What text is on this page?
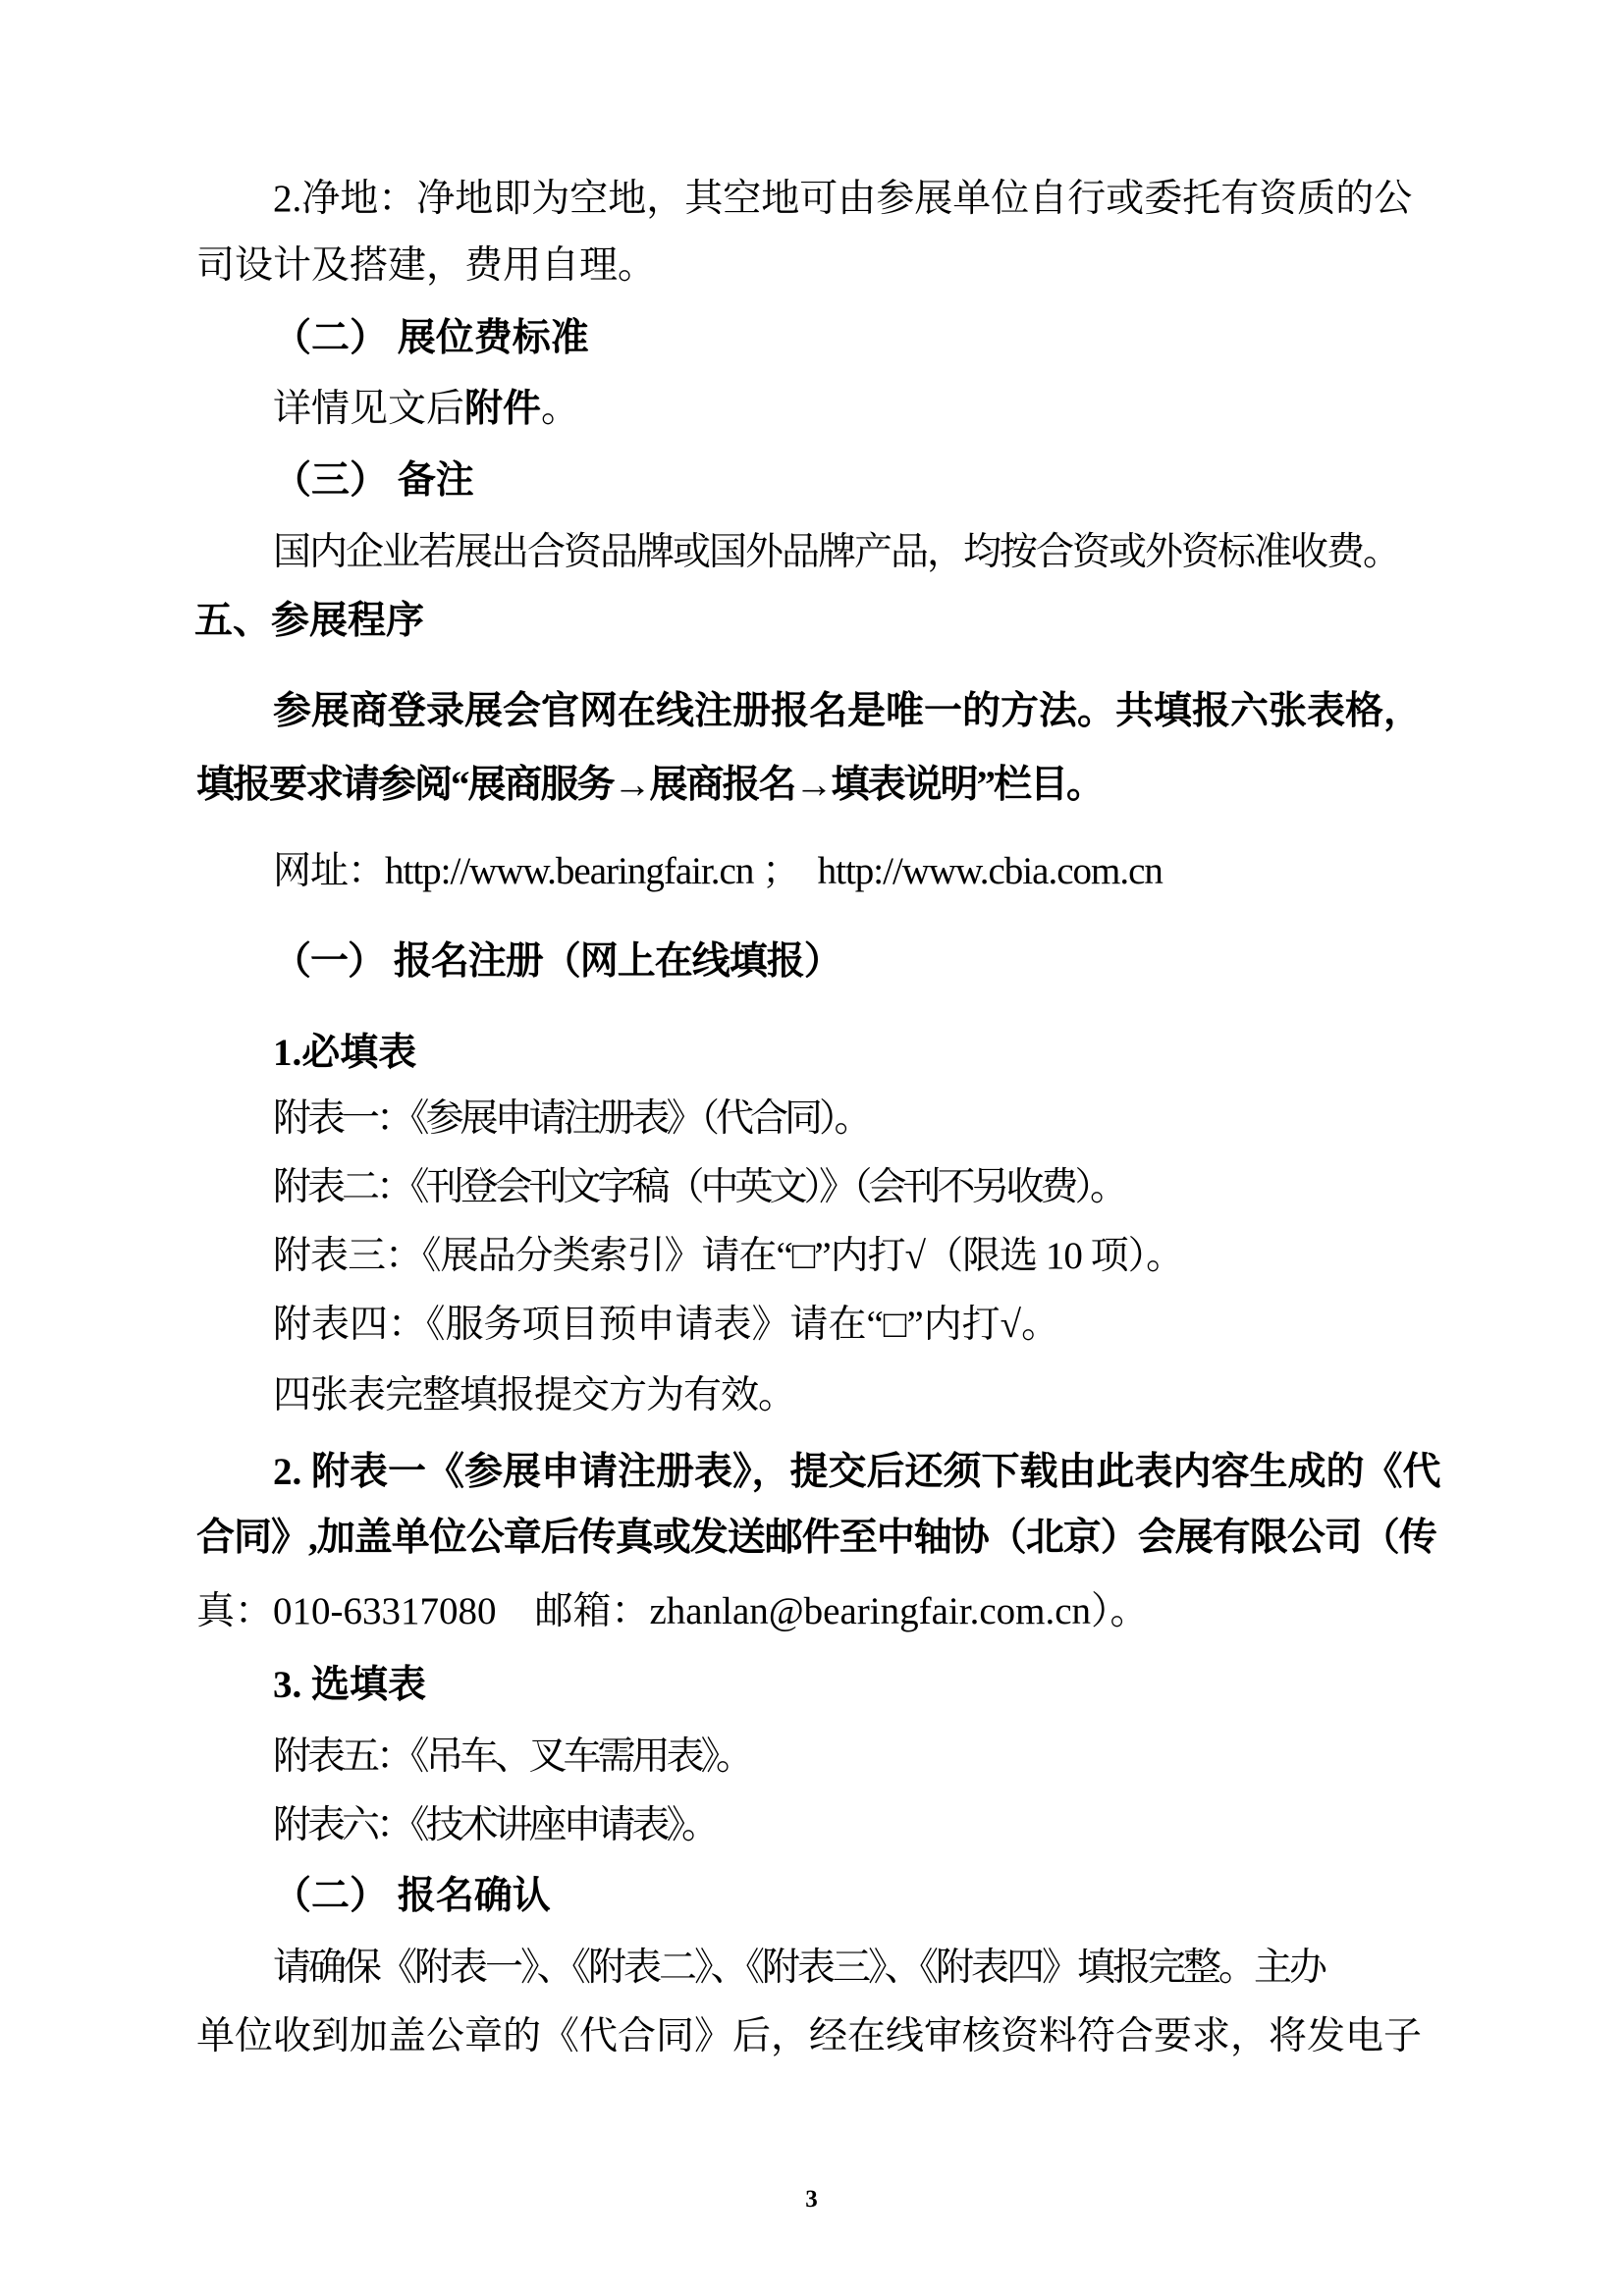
2.净地：净地即为空地，其空地可由参展单位自行或委托有资质的公
司设计及搭建，费用自理。
（二） 展位费标准
详情见文后附件。
（三） 备注
国内企业若展出合资品牌或国外品牌产品，均按合资或外资标准收费。
五、参展程序
参展商登录展会官网在线注册报名是唯一的方法。共填报六张表格，
填报要求请参阅“展商服务→展商报名→填表说明”栏目。
网址：http://www.bearingfair.cn ；　http://www.cbia.com.cn
（一） 报名注册（网上在线填报）
1.必填表
附表一：《参展申请注册表》（代合同）。
附表二：《刊登会刊文字稿（中英文）》（会刊不另收费）。
附表三：《展品分类索引》请在“□”内打√（限选 10 项）。
附表四：《服务项目预申请表》请在“□”内打√。
四张表完整填报提交方为有效。
2. 附表一《参展申请注册表》，提交后还须下载由此表内容生成的《代
合同》,加盖单位公章后传真或发送邮件至中轴协（北京）会展有限公司（传
真：010-63317080　邮箱：zhanlan@bearingfair.com.cn）。
3. 选填表
附表五：《吊车、叉车需用表》。
附表六：《技术讲座申请表》。
（二） 报名确认
请确保《附表一》、《附表二》、《附表三》、《附表四》填报完整。主办
单位收到加盖公章的《代合同》后，经在线审核资料符合要求，将发电子
3
